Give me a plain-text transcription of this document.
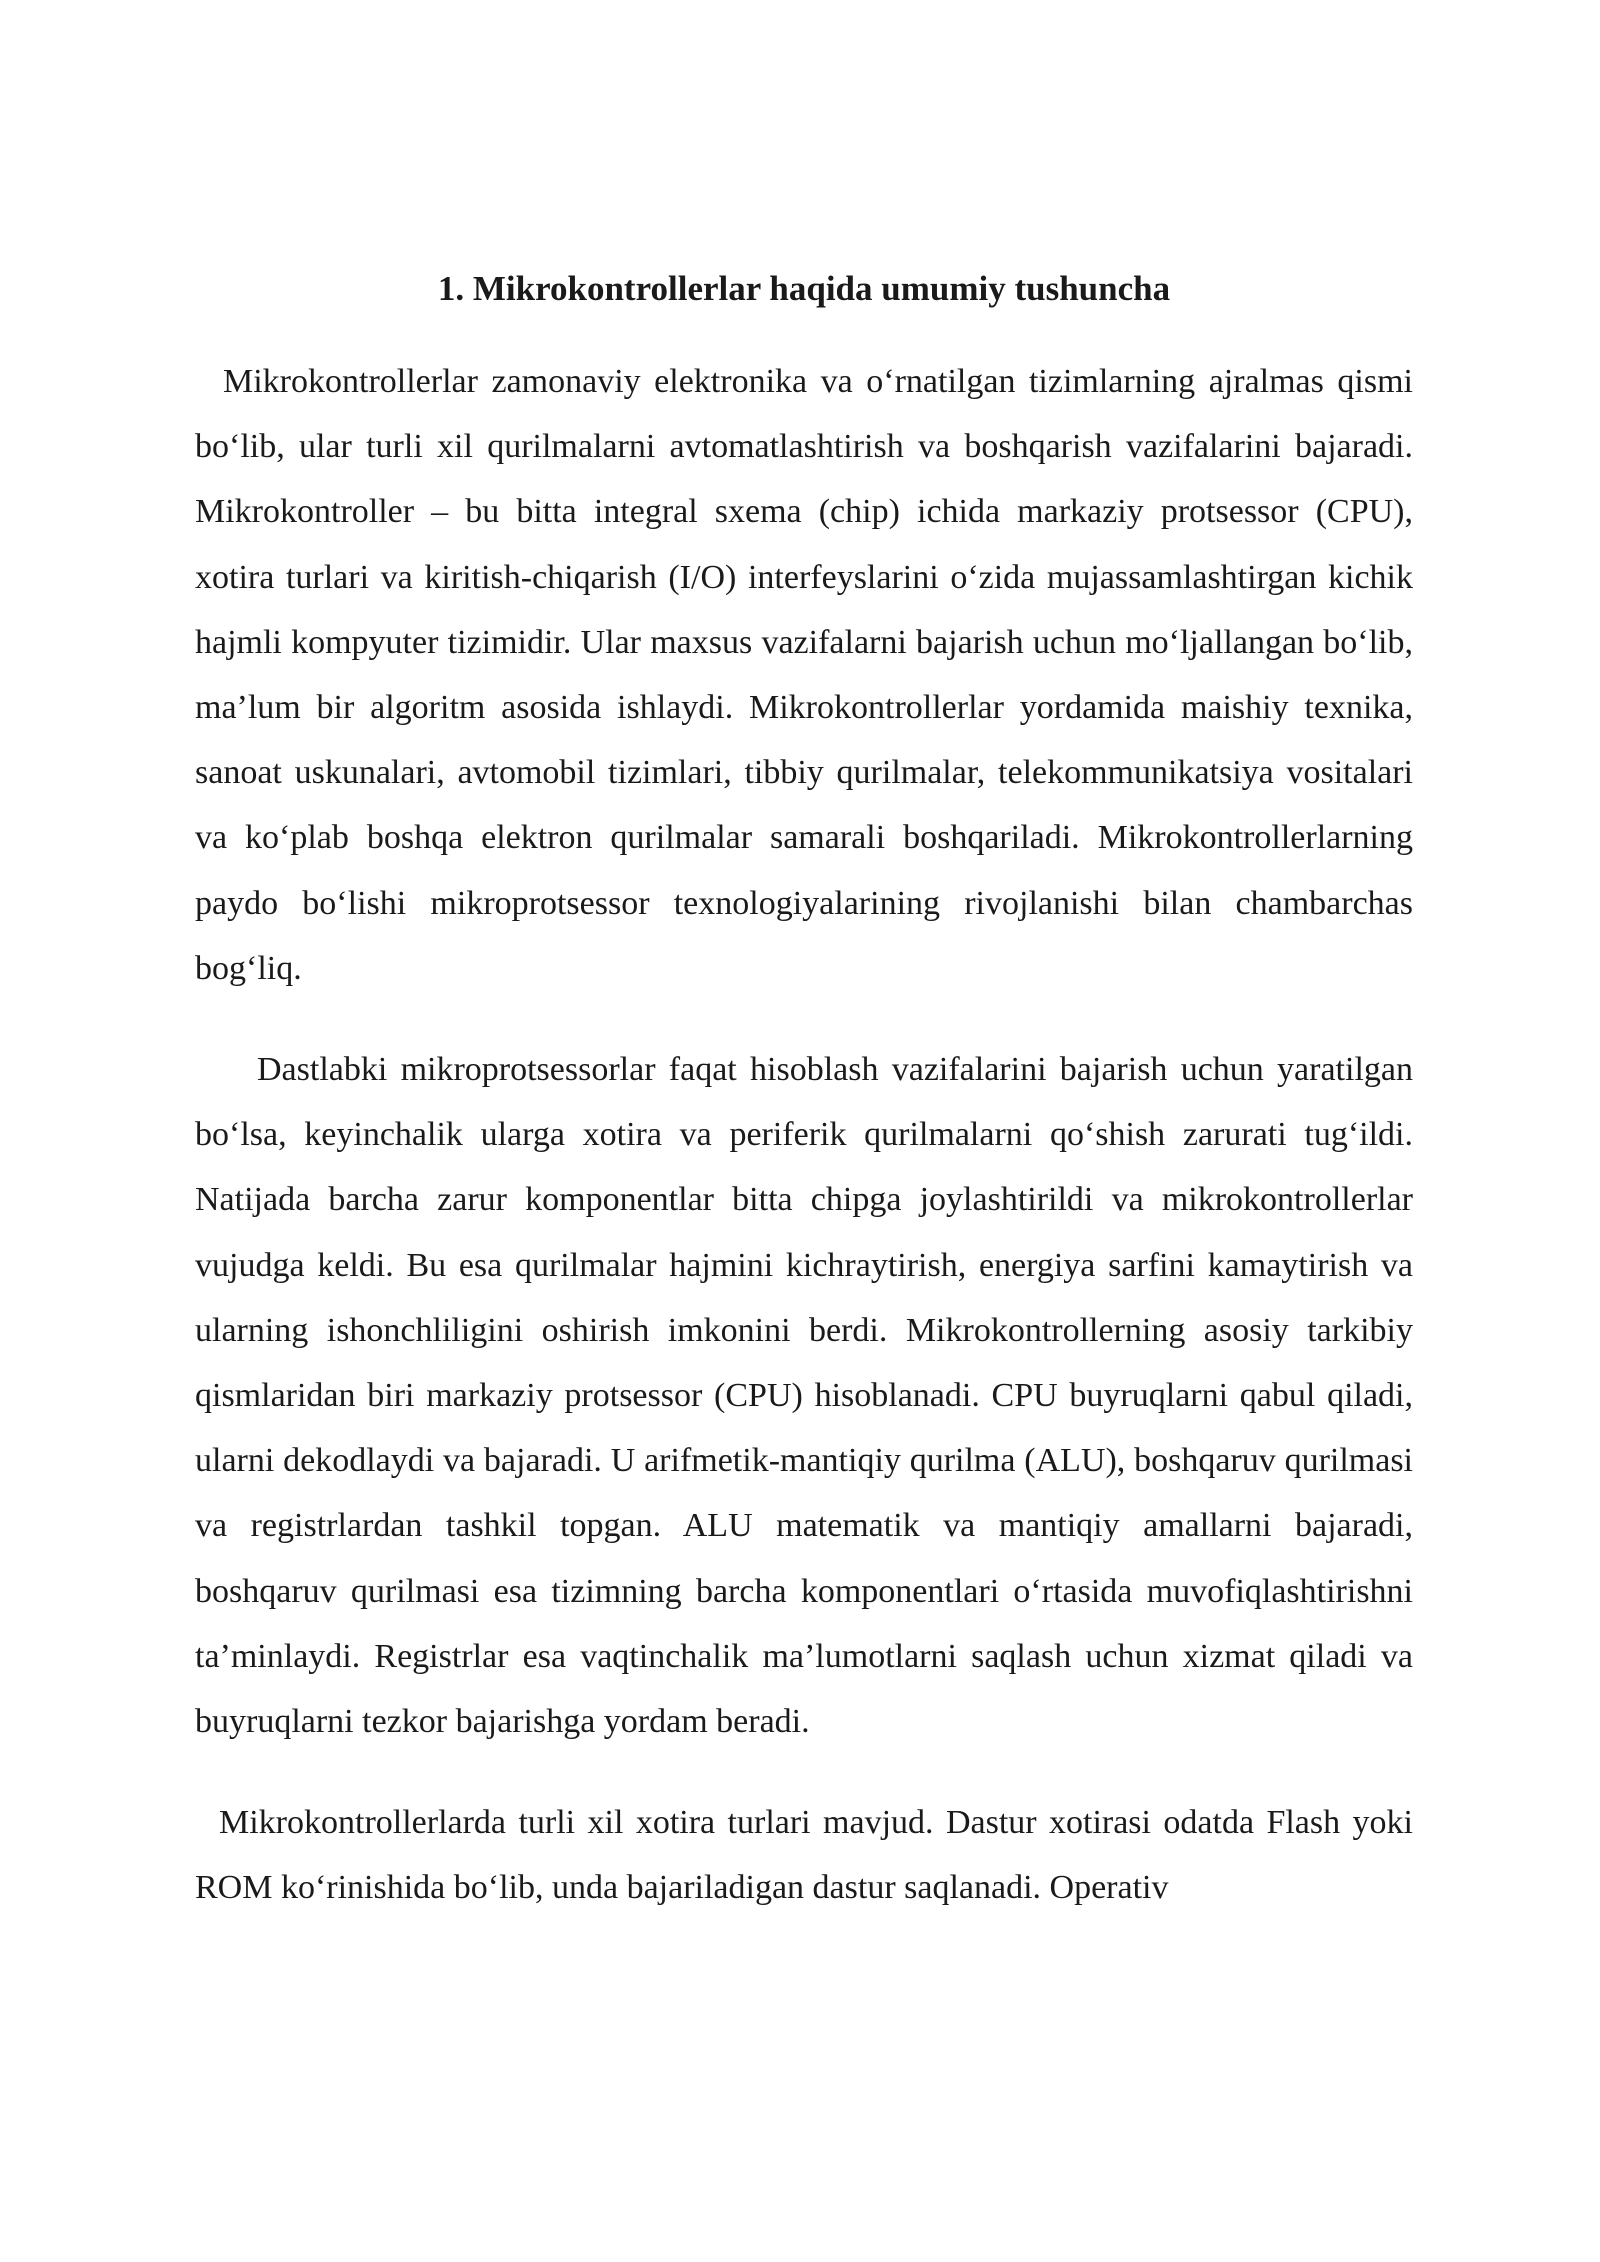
1. Mikrokontrollerlar haqida umumiy tushuncha

Mikrokontrollerlar zamonaviy elektronika va o‘rnatilgan tizimlarning ajralmas qismi bo‘lib, ular turli xil qurilmalarni avtomatlashtirish va boshqarish vazifalarini bajaradi. Mikrokontroller – bu bitta integral sxema (chip) ichida markaziy protsessor (CPU), xotira turlari va kiritish-chiqarish (I/O) interfeyslarini o‘zida mujassamlashtirgan kichik hajmli kompyuter tizimidir. Ular maxsus vazifalarni bajarish uchun mo‘ljallangan bo‘lib, ma’lum bir algoritm asosida ishlaydi. Mikrokontrollerlar yordamida maishiy texnika, sanoat uskunalari, avtomobil tizimlari, tibbiy qurilmalar, telekommunikatsiya vositalari va ko‘plab boshqa elektron qurilmalar samarali boshqariladi. Mikrokontrollerlarning paydo bo‘lishi mikroprotsessor texnologiyalarining rivojlanishi bilan chambarchas bog‘liq.

Dastlabki mikroprotsessorlar faqat hisoblash vazifalarini bajarish uchun yaratilgan bo‘lsa, keyinchalik ularga xotira va periferik qurilmalarni qo‘shish zarurati tug‘ildi. Natijada barcha zarur komponentlar bitta chipga joylashtirildi va mikrokontrollerlar vujudga keldi. Bu esa qurilmalar hajmini kichraytirish, energiya sarfini kamaytirish va ularning ishonchliligini oshirish imkonini berdi. Mikrokontrollerning asosiy tarkibiy qismlaridan biri markaziy protsessor (CPU) hisoblanadi. CPU buyruqlarni qabul qiladi, ularni dekodlaydi va bajaradi. U arifmetik-mantiqiy qurilma (ALU), boshqaruv qurilmasi va registrlardan tashkil topgan. ALU matematik va mantiqiy amallarni bajaradi, boshqaruv qurilmasi esa tizimning barcha komponentlari o‘rtasida muvofiqlashtirishni ta’minlaydi. Registrlar esa vaqtinchalik ma’lumotlarni saqlash uchun xizmat qiladi va buyruqlarni tezkor bajarishga yordam beradi.

Mikrokontrollerlarda turli xil xotira turlari mavjud. Dastur xotirasi odatda Flash yoki ROM ko‘rinishida bo‘lib, unda bajariladigan dastur saqlanadi. Operativ
